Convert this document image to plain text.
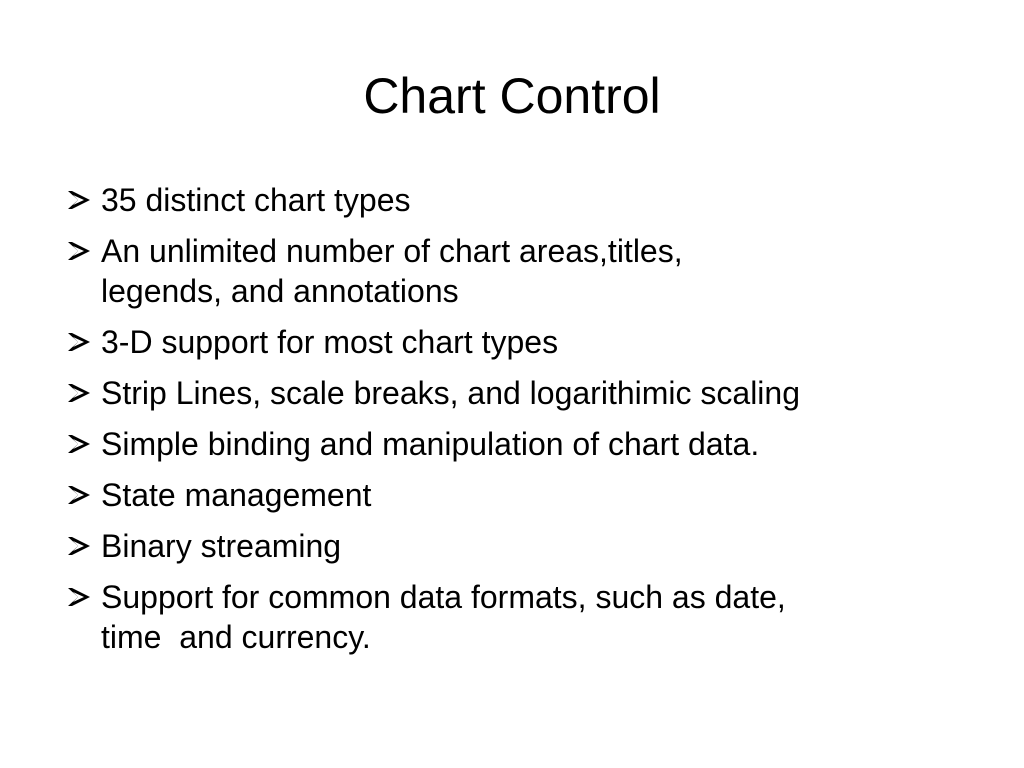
Chart Control
35 distinct chart types
An unlimited number of chart areas,titles,
legends, and annotations
3-D support for most chart types
Strip Lines, scale breaks, and logarithimic scaling
Simple binding and manipulation of chart data.
State management
Binary streaming
Support for common data formats, such as date,
time  and currency.
